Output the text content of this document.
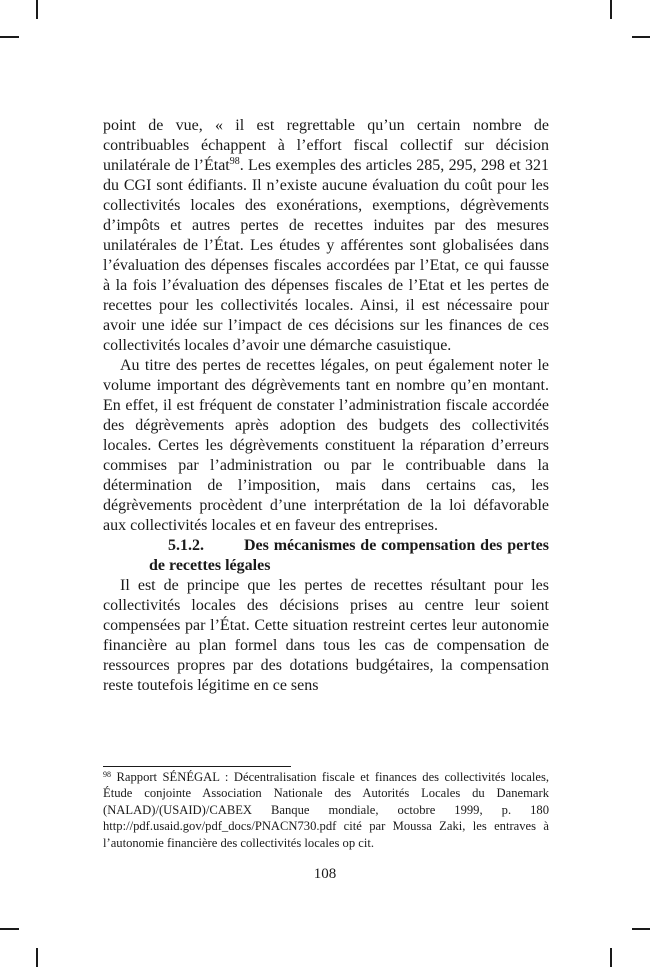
point de vue, « il est regrettable qu’un certain nombre de contribuables échappent à l’effort fiscal collectif sur décision unilatérale de l’État$^{98}$. Les exemples des articles 285, 295, 298 et 321 du CGI sont édifiants. Il n’existe aucune évaluation du coût pour les collectivités locales des exonérations, exemptions, dégrèvements d’impôts et autres pertes de recettes induites par des mesures unilatérales de l’État. Les études y afférentes sont globalisées dans l’évaluation des dépenses fiscales accordées par l’Etat, ce qui fausse à la fois l’évaluation des dépenses fiscales de l’Etat et les pertes de recettes pour les collectivités locales. Ainsi, il est nécessaire pour avoir une idée sur l’impact de ces décisions sur les finances de ces collectivités locales d’avoir une démarche casuistique.

Au titre des pertes de recettes légales, on peut également noter le volume important des dégrèvements tant en nombre qu’en montant. En effet, il est fréquent de constater l’administration fiscale accordée des dégrèvements après adoption des budgets des collectivités locales. Certes les dégrèvements constituent la réparation d’erreurs commises par l’administration ou par le contribuable dans la détermination de l’imposition, mais dans certains cas, les dégrèvements procèdent d’une interprétation de la loi défavorable aux collectivités locales et en faveur des entreprises.

5.1.2.	Des mécanismes de compensation des pertes de recettes légales

Il est de principe que les pertes de recettes résultant pour les collectivités locales des décisions prises au centre leur soient compensées par l’État. Cette situation restreint certes leur autonomie financière au plan formel dans tous les cas de compensation de ressources propres par des dotations budgétaires, la compensation reste toutefois légitime en ce sens

$^{98}$ Rapport SÉNÉGAL : Décentralisation fiscale et finances des collectivités locales, Étude conjointe Association Nationale des Autorités Locales du Danemark (NALAD)/(USAID)/CABEX Banque mondiale, octobre 1999, p. 180 http://pdf.usaid.gov/pdf_docs/PNACN730.pdf cité par Moussa Zaki, les entraves à l’autonomie financière des collectivités locales op cit.

108
